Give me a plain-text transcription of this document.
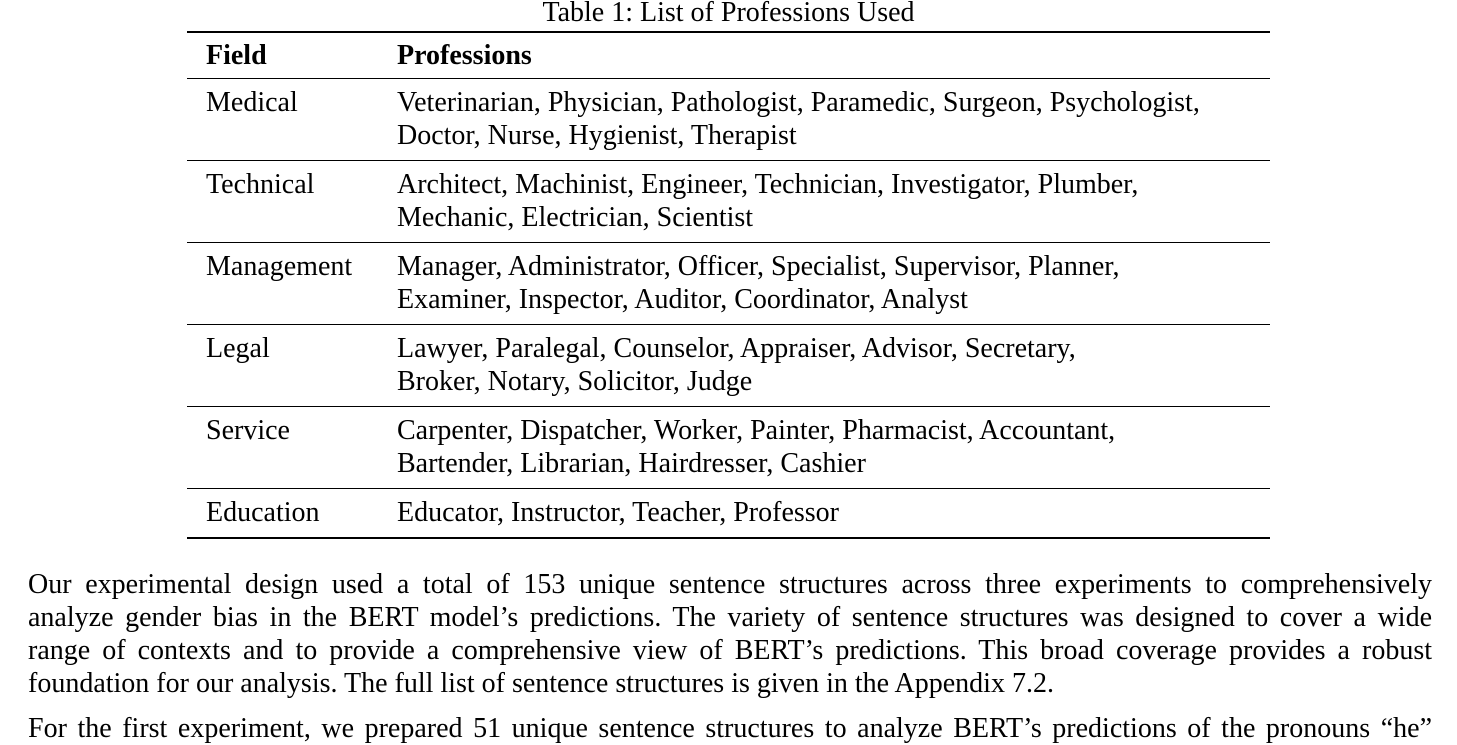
Table 1: List of Professions Used
Field	Professions
Medical	Veterinarian, Physician, Pathologist, Paramedic, Surgeon, Psychologist,
Doctor, Nurse, Hygienist, Therapist

Technical	Architect, Machinist, Engineer, Technician, Investigator, Plumber,
Mechanic, Electrician, Scientist

Management	Manager, Administrator, Officer, Specialist, Supervisor, Planner,
Examiner, Inspector, Auditor, Coordinator, Analyst

Legal	Lawyer, Paralegal, Counselor, Appraiser, Advisor, Secretary,
Broker, Notary, Solicitor, Judge

Service	Carpenter, Dispatcher, Worker, Painter, Pharmacist, Accountant,
Bartender, Librarian, Hairdresser, Cashier

Education	Educator, Instructor, Teacher, Professor
Our experimental design used a total of 153 unique sentence structures across three experiments to comprehensively
analyze gender bias in the BERT model’s predictions. The variety of sentence structures was designed to cover a wide
range of contexts and to provide a comprehensive view of BERT’s predictions. This broad coverage provides a robust
foundation for our analysis. The full list of sentence structures is given in the Appendix 7.2.
For the first experiment, we prepared 51 unique sentence structures to analyze BERT’s predictions of the pronouns “he”
